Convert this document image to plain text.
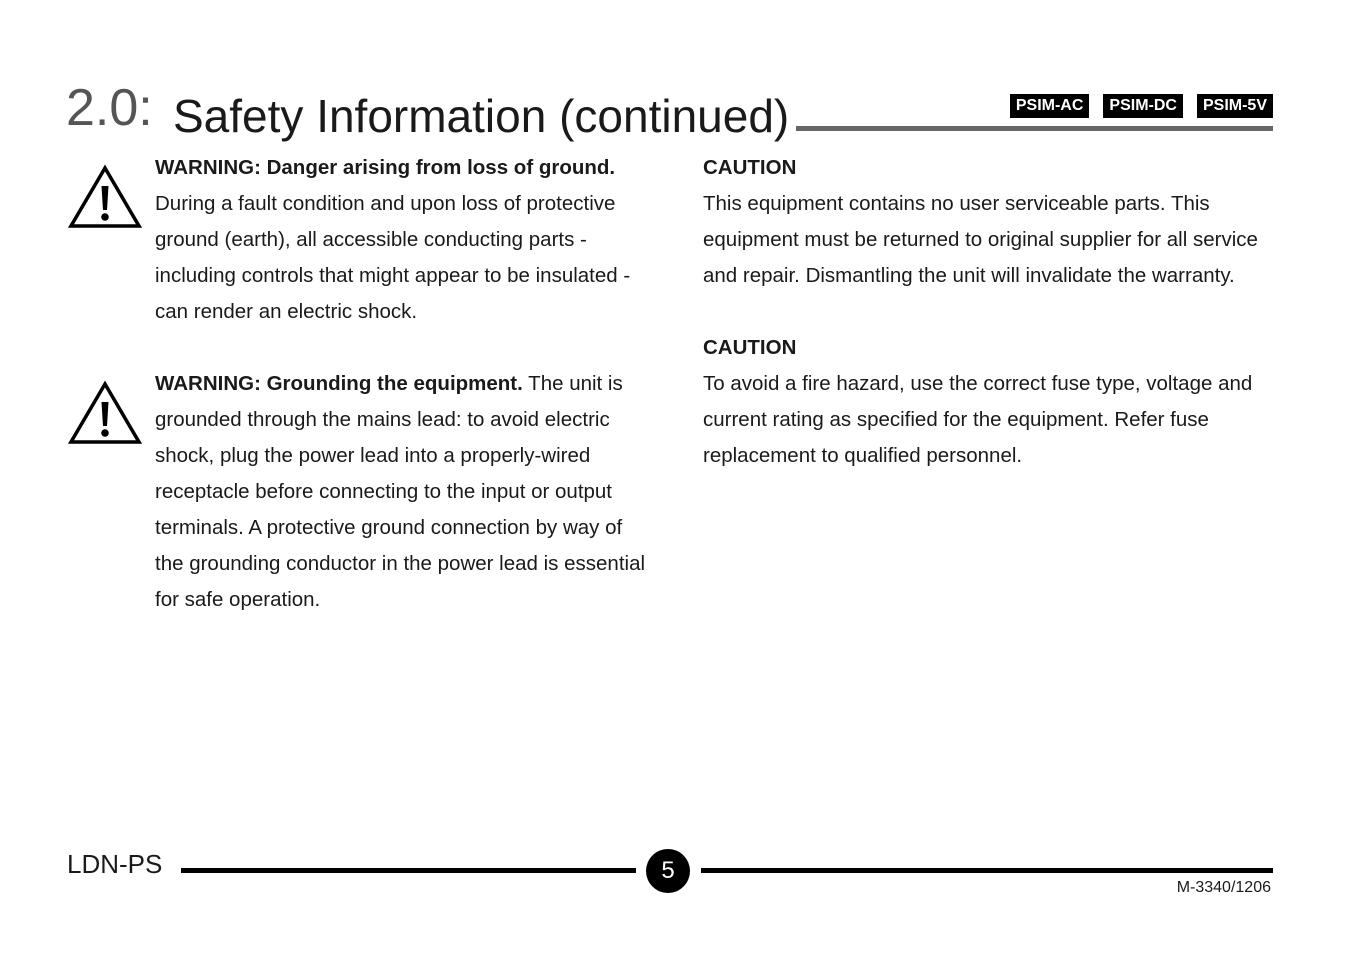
2.0: Safety Information (continued)	PSIM-AC	PSIM-DC	PSIM-5V

WARNING: Danger arising from loss of ground. During a fault condition and upon loss of protective ground (earth), all accessible conducting parts - including controls that might appear to be insulated - can render an electric shock.

WARNING: Grounding the equipment. The unit is grounded through the mains lead: to avoid electric shock, plug the power lead into a properly-wired receptacle before connecting to the input or output terminals. A protective ground connection by way of the grounding conductor in the power lead is essential for safe operation.

CAUTION

This equipment contains no user serviceable parts. This equipment must be returned to original supplier for all service and repair. Dismantling the unit will invalidate the warranty.

CAUTION

To avoid a fire hazard, use the correct fuse type, voltage and current rating as specified for the equipment. Refer fuse replacement to qualified personnel.

LDN-PS	5
M-3340/1206
